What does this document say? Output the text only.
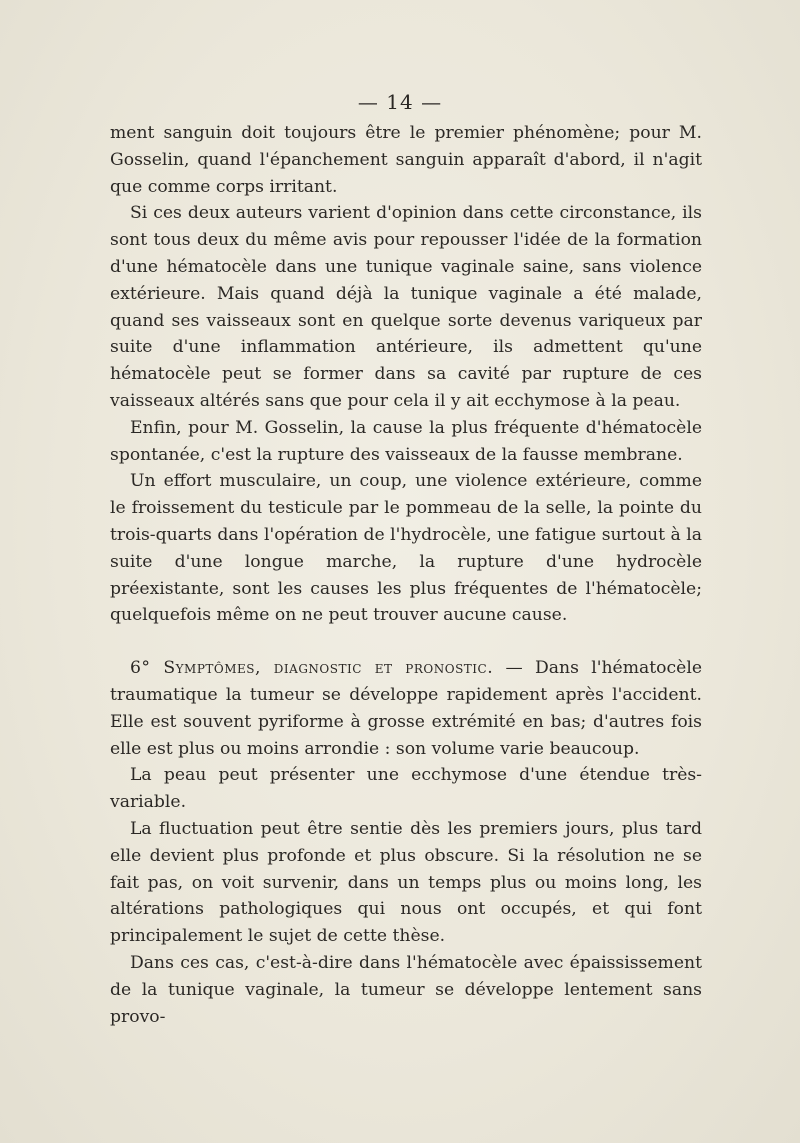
— 14 —

ment sanguin doit toujours être le premier phénomène; pour M. Gosselin, quand l'épanchement sanguin apparaît d'abord, il n'agit que comme corps irritant.

Si ces deux auteurs varient d'opinion dans cette circonstance, ils sont tous deux du même avis pour repousser l'idée de la formation d'une hématocèle dans une tunique vaginale saine, sans violence extérieure. Mais quand déjà la tunique vaginale a été malade, quand ses vaisseaux sont en quelque sorte devenus variqueux par suite d'une inflammation antérieure, ils admettent qu'une hématocèle peut se former dans sa cavité par rupture de ces vaisseaux altérés sans que pour cela il y ait ecchymose à la peau.

Enfin, pour M. Gosselin, la cause la plus fréquente d'hématocèle spontanée, c'est la rupture des vaisseaux de la fausse membrane.

Un effort musculaire, un coup, une violence extérieure, comme le froissement du testicule par le pommeau de la selle, la pointe du trois-quarts dans l'opération de l'hydrocèle, une fatigue surtout à la suite d'une longue marche, la rupture d'une hydrocèle préexistante, sont les causes les plus fréquentes de l'hématocèle; quelquefois même on ne peut trouver aucune cause.

6° Symptômes, diagnostic et pronostic. — Dans l'hématocèle traumatique la tumeur se développe rapidement après l'accident. Elle est souvent pyriforme à grosse extrémité en bas; d'autres fois elle est plus ou moins arrondie : son volume varie beaucoup.

La peau peut présenter une ecchymose d'une étendue très-variable.

La fluctuation peut être sentie dès les premiers jours, plus tard elle devient plus profonde et plus obscure. Si la résolution ne se fait pas, on voit survenir, dans un temps plus ou moins long, les altérations pathologiques qui nous ont occupés, et qui font principalement le sujet de cette thèse.

Dans ces cas, c'est-à-dire dans l'hématocèle avec épaississement de la tunique vaginale, la tumeur se développe lentement sans provo-
